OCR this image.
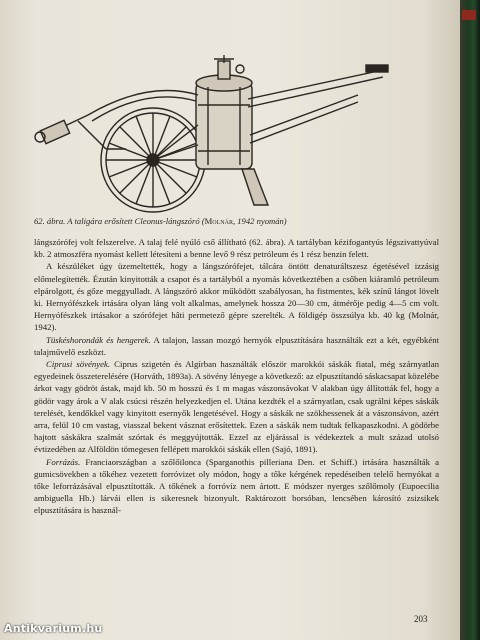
62. ábra. A taligára erősített Cleonus-lángszóró (Molnár, 1942 nyomán)

lángszórófej volt felszerelve. A talaj felé nyúló cső állítható (62. ábra). A tartályban kézifogantyús légszivattyúval kb. 2 atmoszféra nyomást kellett létesíteni a benne levő 9 rész petróleum és 1 rész benzin felett.

A készüléket úgy üzemeltették, hogy a lángszórófejet, tálcára öntött denaturáltszesz égetésével izzásig előmelegítették. Ézután kinyitották a csapot és a tartályból a nyomás következtében a csőben kiáramló petróleum elpárolgott, és gőze meggyulladt. A lángszóró akkor működött szabályosan, ha fistmentes, kék színű lángot lövelt ki. Hernyófészkek irtására olyan láng volt alkalmas, amelynek hossza 20—30 cm, átmérője pedig 4—5 cm volt. Hernyófészkek irtásakor a szórófejet hâti permetező gépre szerelték. A földigép összsúlya kb. 40 kg (Molnár, 1942).

Tüskéshorondák és hengerek. A talajon, lassan mozgó hernyók elpusztítására használták ezt a két, egyébként talajművelő eszközt.

Ciprusi sövények. Ciprus szigetén és Algírban használták először marokkói sáskák fiatal, még szárnyatlan egyedeinek összeterelésére (Horváth, 1893a). A sövény lényege a következő: az elpusztítandó sáskacsapat közelébe árkot vagy gödröt ástak, majd kb. 50 m hosszú és 1 m magas vászonsávokat V alakban úgy állították fel, hogy a gödör vagy árok a V alak csúcsi részén helyezkedjen el. Utána kezdték el a szárnyatlan, csak ugrálni képes sáskák terelését, kendőkkel vagy kinyitott esernyők lengetésével. Hogy a sáskák ne szökhessenek át a vászonsávon, azért arra, felül 10 cm vastag, viasszal bekent vásznat erősítettek. Ezen a sáskák nem tudtak felkapaszkodni. A gödörbe hajtott sáskákra szalmát szórtak és meggyújtották. Ezzel az eljárással is védekeztek a mult század utolsó évtizedében az Alföldön tömegesen fellépett marokkói sáskák ellen (Sajó, 1891).

Forrázás. Franciaországban a szőlőilonca (Sparganothis pilleriana Den. et Schiff.) irtására használták a gumicsövekben a tőkéhez vezetett forróvizet oly módon, hogy a tőke kérgének repedéseiben telelő hernyókat a tőke leforrázásával elpusztították. A tőkének a forróvíz nem ártott. E módszer nyerges szőlőmoly (Eupoecilia ambiguella Hb.) lárvái ellen is sikeresnek bizonyult. Raktározott borsóban, lencsében károsító zsizsikek elpusztítására is használ-

203
Antikvarium.hu
